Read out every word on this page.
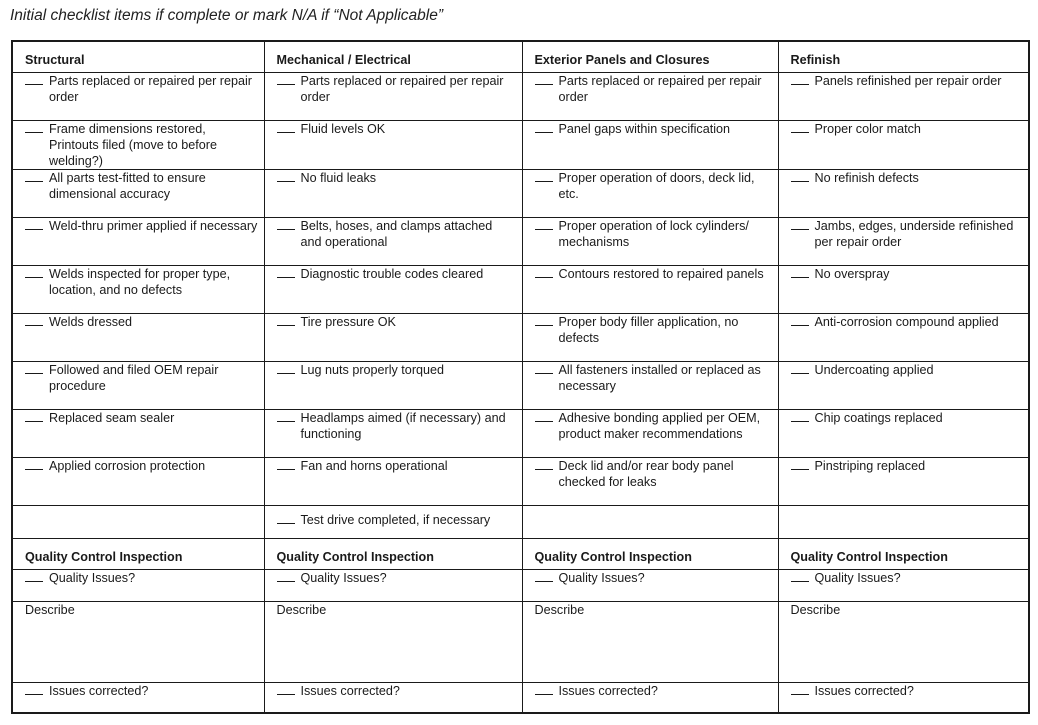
Initial checklist items if complete or mark N/A if “Not Applicable”
Structural	Mechanical / Electrical	Exterior Panels and Closures	Refinish

Parts replaced or repaired per repair order	Parts replaced or repaired per repair order	Parts replaced or repaired per repair order	Panels refinished per repair order

Frame dimensions restored, Printouts filed (move to before welding?)	Fluid levels OK	Panel gaps within specification	Proper color match

All parts test-fitted to ensure dimensional accuracy	No fluid leaks	Proper operation of doors, deck lid, etc.	No refinish defects

Weld-thru primer applied if necessary	Belts, hoses, and clamps attached and operational	Proper operation of lock cylinders/ mechanisms	Jambs, edges, underside refinished per repair order

Welds inspected for proper type, location, and no defects	Diagnostic trouble codes cleared	Contours restored to repaired panels	No overspray

Welds dressed	Tire pressure OK	Proper body filler application, no defects	Anti-corrosion compound applied

Followed and filed OEM repair procedure	Lug nuts properly torqued	All fasteners installed or replaced as necessary	Undercoating applied

Replaced seam sealer	Headlamps aimed (if necessary) and functioning	Adhesive bonding applied per OEM, product maker recommendations	Chip coatings replaced

Applied corrosion protection	Fan and horns operational	Deck lid and/or rear body panel checked for leaks	Pinstriping replaced

	Test drive completed, if necessary		

Quality Control Inspection	Quality Control Inspection	Quality Control Inspection	Quality Control Inspection
Quality Issues?	Quality Issues?	Quality Issues?	Quality Issues?
Describe	Describe	Describe	Describe
Issues corrected?	Issues corrected?	Issues corrected?	Issues corrected?
